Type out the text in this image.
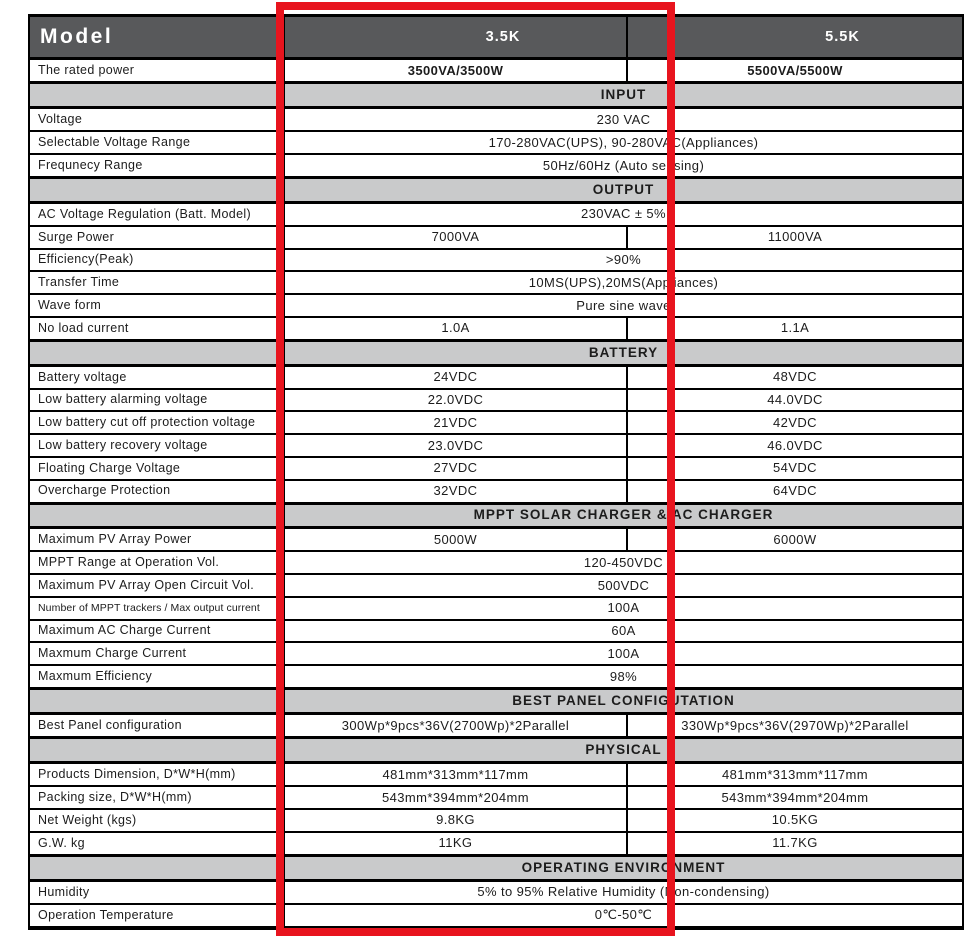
Model	3.5K	5.5K
The rated power	3500VA/3500W	5500VA/5500W
	INPUT	
Voltage	230 VAC	
Selectable Voltage Range	170-280VAC(UPS), 90-280VAC(Appliances)	
Frequnecy Range	50Hz/60Hz (Auto sensing)	
	OUTPUT	
AC Voltage Regulation (Batt. Model)	230VAC ± 5%	
Surge Power	7000VA	11000VA
Efficiency(Peak)	>90%	
Transfer Time	10MS(UPS),20MS(Appliances)	
Wave form	Pure sine wave	
No load current	1.0A	1.1A
	BATTERY	
Battery voltage	24VDC	48VDC
Low battery alarming voltage	22.0VDC	44.0VDC
Low battery cut off protection voltage	21VDC	42VDC
Low battery recovery voltage	23.0VDC	46.0VDC
Floating Charge Voltage	27VDC	54VDC
Overcharge Protection	32VDC	64VDC
	MPPT SOLAR CHARGER & AC CHARGER	
Maximum PV Array Power	5000W	6000W
MPPT Range at Operation Vol.	120-450VDC	
Maximum PV Array Open Circuit Vol.	500VDC	
Number of MPPT trackers / Max output current	100A	
Maximum AC Charge Current	60A	
Maxmum Charge Current	100A	
Maxmum Efficiency	98%	
	BEST PANEL CONFIGUTATION	
Best Panel configuration	300Wp*9pcs*36V(2700Wp)*2Parallel	330Wp*9pcs*36V(2970Wp)*2Parallel
	PHYSICAL	
Products Dimension, D*W*H(mm)	481mm*313mm*117mm	481mm*313mm*117mm
Packing size, D*W*H(mm)	543mm*394mm*204mm	543mm*394mm*204mm
Net Weight (kgs)	9.8KG	10.5KG
G.W. kg	11KG	11.7KG
	OPERATING ENVIRONMENT	
Humidity	5% to 95% Relative Humidity (Non-condensing)	
Operation Temperature	0℃-50℃	
